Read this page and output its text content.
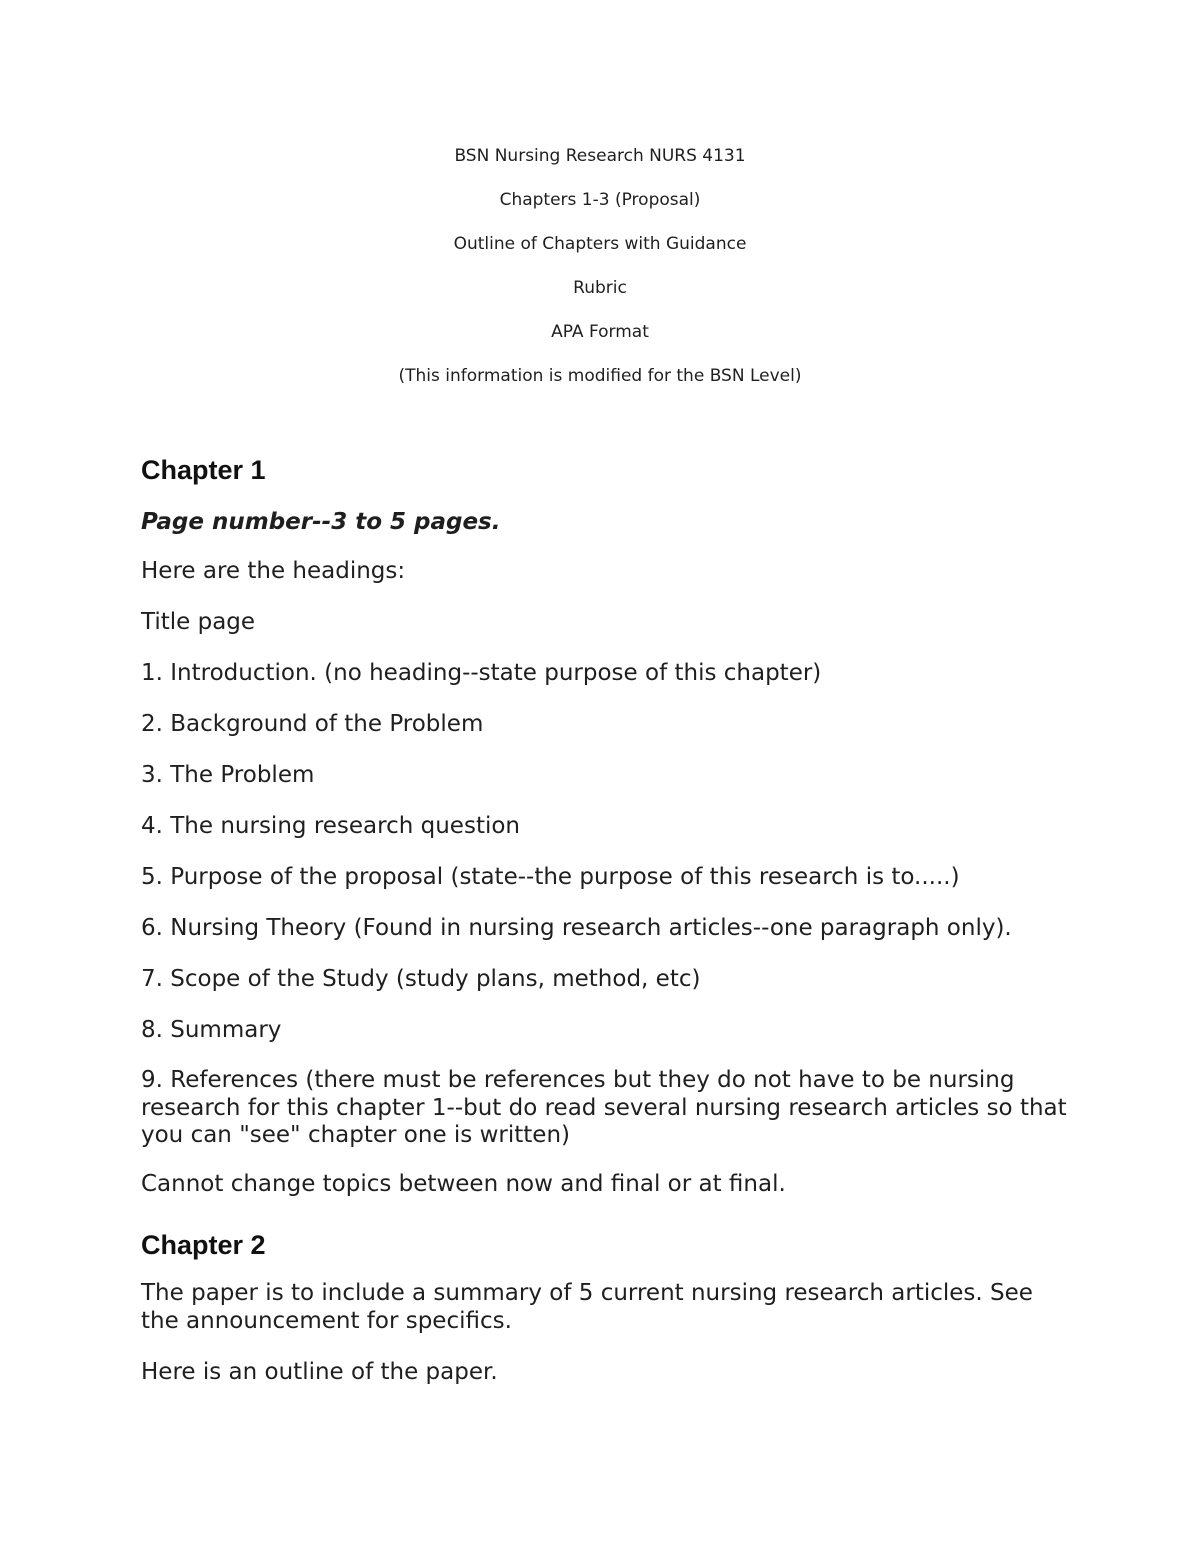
BSN Nursing Research NURS 4131
Chapters 1-3 (Proposal)
Outline of Chapters with Guidance
Rubric
APA Format
(This information is modified for the BSN Level)
Chapter 1

Page number--3 to 5 pages.

Here are the headings:

Title page

1. Introduction. (no heading--state purpose of this chapter)
2. Background of the Problem
3. The Problem
4. The nursing research question
5. Purpose of the proposal (state--the purpose of this research is to.....)
6. Nursing Theory (Found in nursing research articles--one paragraph only).
7. Scope of the Study (study plans, method, etc)
8. Summary
9. References (there must be references but they do not have to be nursing research for this chapter 1--but do read several nursing research articles so that you can "see" chapter one is written)

Cannot change topics between now and final or at final.

Chapter 2

The paper is to include a summary of 5 current nursing research articles. See the announcement for specifics.

Here is an outline of the paper.
